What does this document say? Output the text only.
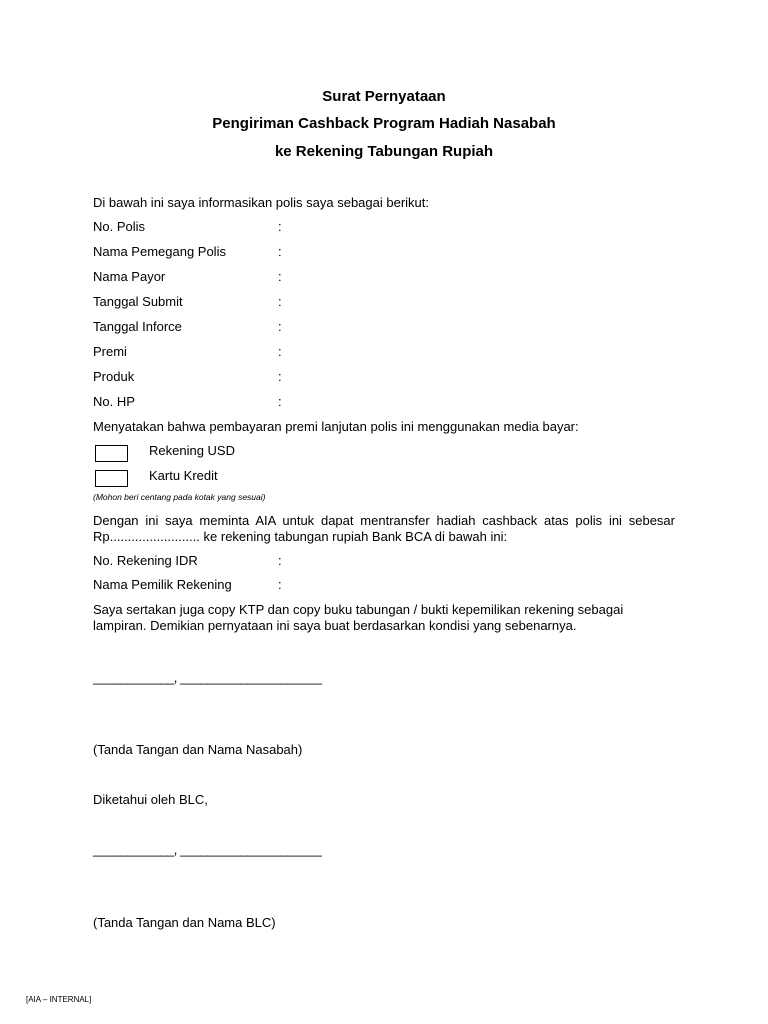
Surat Pernyataan
Pengiriman Cashback Program Hadiah Nasabah
ke Rekening Tabungan Rupiah
Di bawah ini saya informasikan polis saya sebagai berikut:
No. Polis	:
Nama Pemegang Polis	:
Nama Payor	:
Tanggal Submit	:
Tanggal Inforce	:
Premi	:
Produk	:
No. HP	:
Menyatakan bahwa pembayaran premi lanjutan polis ini menggunakan media bayar:
Rekening USD
Kartu Kredit
(Mohon beri centang pada kotak yang sesuai)
Dengan ini saya meminta AIA untuk dapat mentransfer hadiah cashback atas polis ini sebesar Rp......................... ke rekening tabungan rupiah Bank BCA di bawah ini:
No. Rekening IDR	:
Nama Pemilik Rekening	:
Saya sertakan juga copy KTP dan copy buku tabungan / bukti kepemilikan rekening sebagai lampiran. Demikian pernyataan ini saya buat berdasarkan kondisi yang sebenarnya.
____________, _____________________
(Tanda Tangan dan Nama Nasabah)
Diketahui oleh BLC,
____________, _____________________
(Tanda Tangan dan Nama BLC)
[AIA – INTERNAL]
